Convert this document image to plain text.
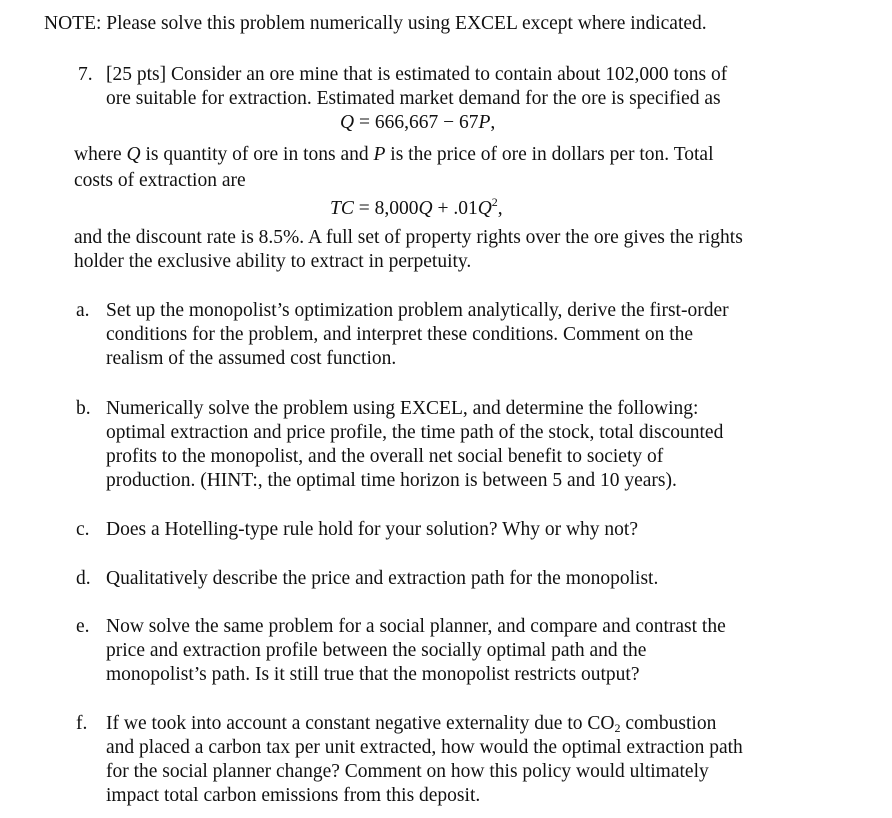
NOTE: Please solve this problem numerically using EXCEL except where indicated.
7. [25 pts] Consider an ore mine that is estimated to contain about 102,000 tons of
ore suitable for extraction. Estimated market demand for the ore is specified as
Q = 666,667 − 67P,
where Q is quantity of ore in tons and P is the price of ore in dollars per ton. Total
costs of extraction are
TC = $8,000Q + .01Q^2$,
and the discount rate is 8.5%. A full set of property rights over the ore gives the rights
holder the exclusive ability to extract in perpetuity.
a. Set up the monopolist’s optimization problem analytically, derive the first-order
conditions for the problem, and interpret these conditions. Comment on the
realism of the assumed cost function.
b. Numerically solve the problem using EXCEL, and determine the following:
optimal extraction and price profile, the time path of the stock, total discounted
profits to the monopolist, and the overall net social benefit to society of
production. (HINT:, the optimal time horizon is between 5 and 10 years).
c. Does a Hotelling-type rule hold for your solution? Why or why not?
d. Qualitatively describe the price and extraction path for the monopolist.
e. Now solve the same problem for a social planner, and compare and contrast the
price and extraction profile between the socially optimal path and the
monopolist’s path. Is it still true that the monopolist restricts output?
f. If we took into account a constant negative externality due to $CO_2$ combustion
and placed a carbon tax per unit extracted, how would the optimal extraction path
for the social planner change? Comment on how this policy would ultimately
impact total carbon emissions from this deposit.
